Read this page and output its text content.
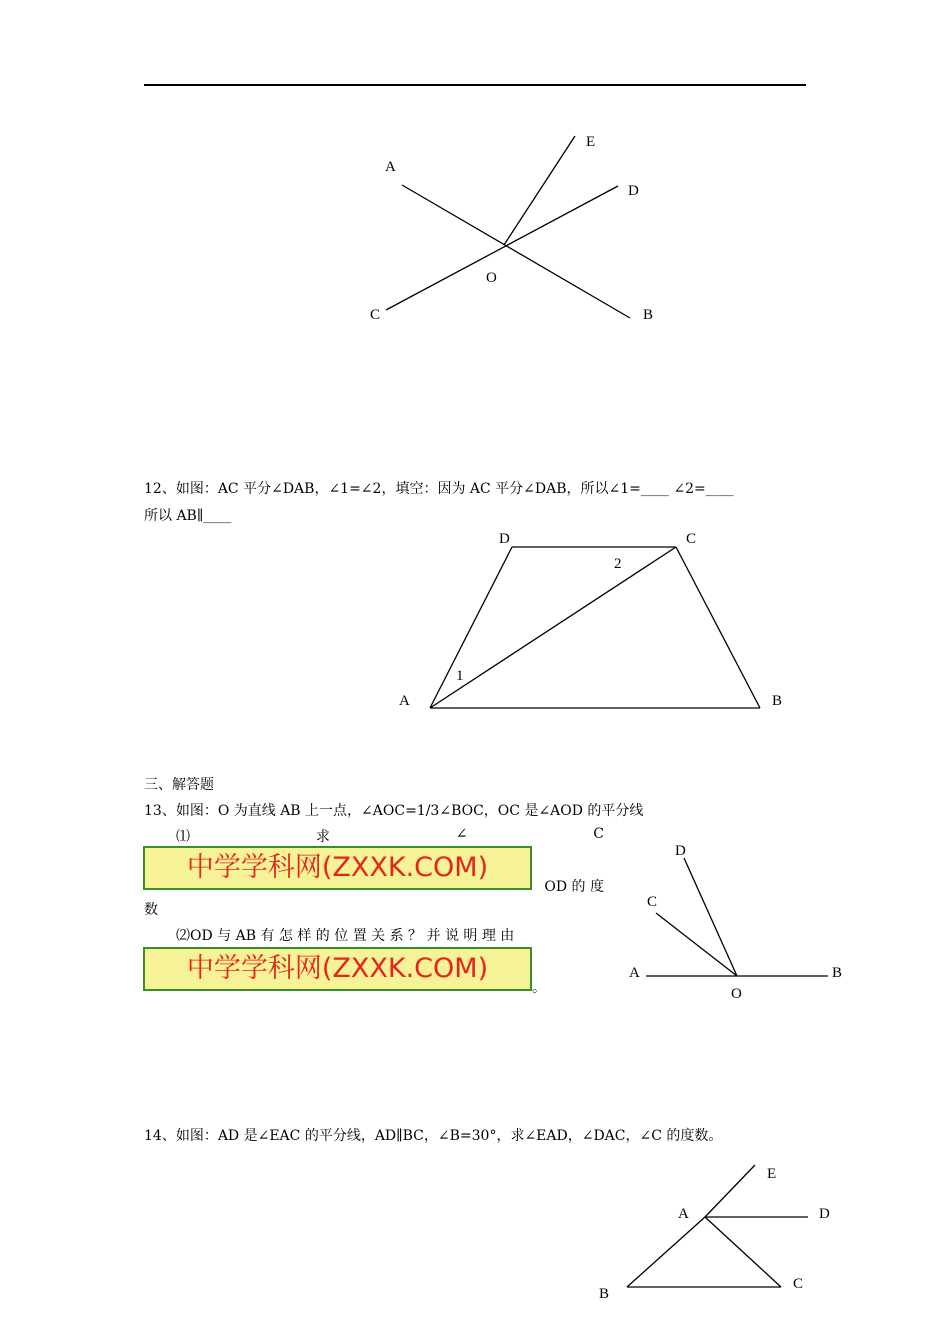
A
E
D
O
C	B
D	C
2
1
A	B
D
C
A
O
B
E
A	D
B
C
12、如图：AC 平分∠DAB，∠1=∠2，填空：因为 AC 平分∠DAB，所以∠1=____ ∠2=____
所以 AB∥____
三、解答题
13、如图：O 为直线 AB 上一点，∠AOC=1/3∠BOC，OC 是∠AOD 的平分线
⑴	求	∠	C
中学学科网(ZXXK.COM)
OD 的 度
数
⑵OD 与 AB 有 怎 样 的 位 置 关 系 ？ 并 说 明 理 由
中学学科网(ZXXK.COM)
。
14、如图：AD 是∠EAC 的平分线，AD∥BC，∠B=30°，求∠EAD，∠DAC，∠C 的度数。
